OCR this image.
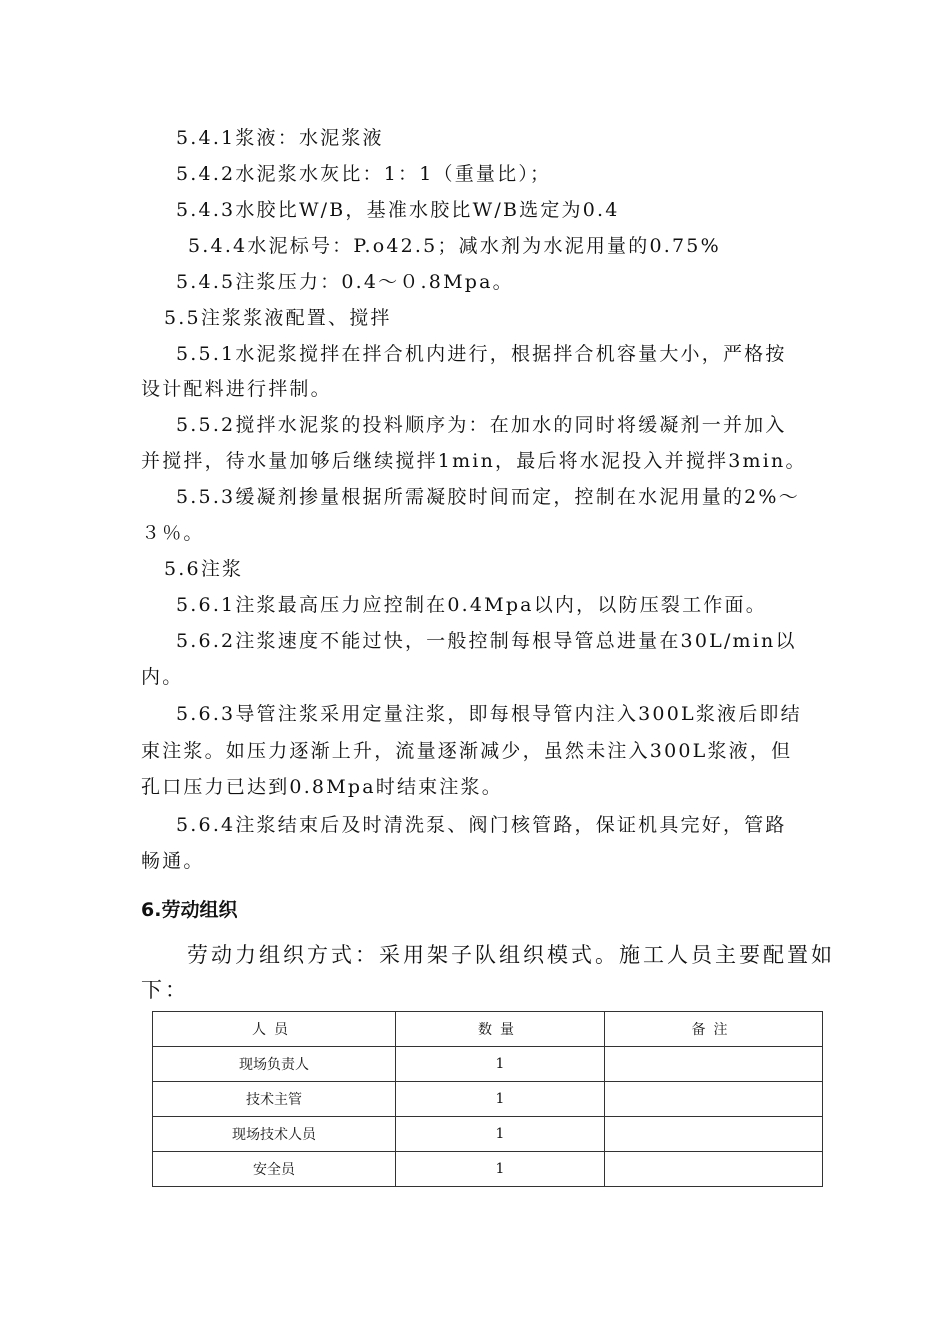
5.4.1浆液：水泥浆液
5.4.2水泥浆水灰比：1：1（重量比）；
5.4.3水胶比W/B，基准水胶比W/B选定为0.4
5.4.4水泥标号：P.o42.5；减水剂为水泥用量的0.75%
5.4.5注浆压力：0.4～０.8Mpa。
5.5注浆浆液配置、搅拌
5.5.1水泥浆搅拌在拌合机内进行，根据拌合机容量大小，严格按
设计配料进行拌制。
5.5.2搅拌水泥浆的投料顺序为：在加水的同时将缓凝剂一并加入
并搅拌，待水量加够后继续搅拌1min，最后将水泥投入并搅拌3min。
5.5.3缓凝剂掺量根据所需凝胶时间而定，控制在水泥用量的2%～
３％。
5.6注浆
5.6.1注浆最高压力应控制在0.4Mpa以内，以防压裂工作面。
5.6.2注浆速度不能过快，一般控制每根导管总进量在30L/min以
内。
5.6.3导管注浆采用定量注浆，即每根导管内注入300L浆液后即结
束注浆。如压力逐渐上升，流量逐渐减少，虽然未注入300L浆液，但
孔口压力已达到0.8Mpa时结束注浆。
5.6.4注浆结束后及时清洗泵、阀门核管路，保证机具完好，管路
畅通。
6.劳动组织
劳动力组织方式：采用架子队组织模式。施工人员主要配置如
下：
人员	数量	备注
现场负责人	1	
技术主管	1	
现场技术人员	1	
安全员	1	
